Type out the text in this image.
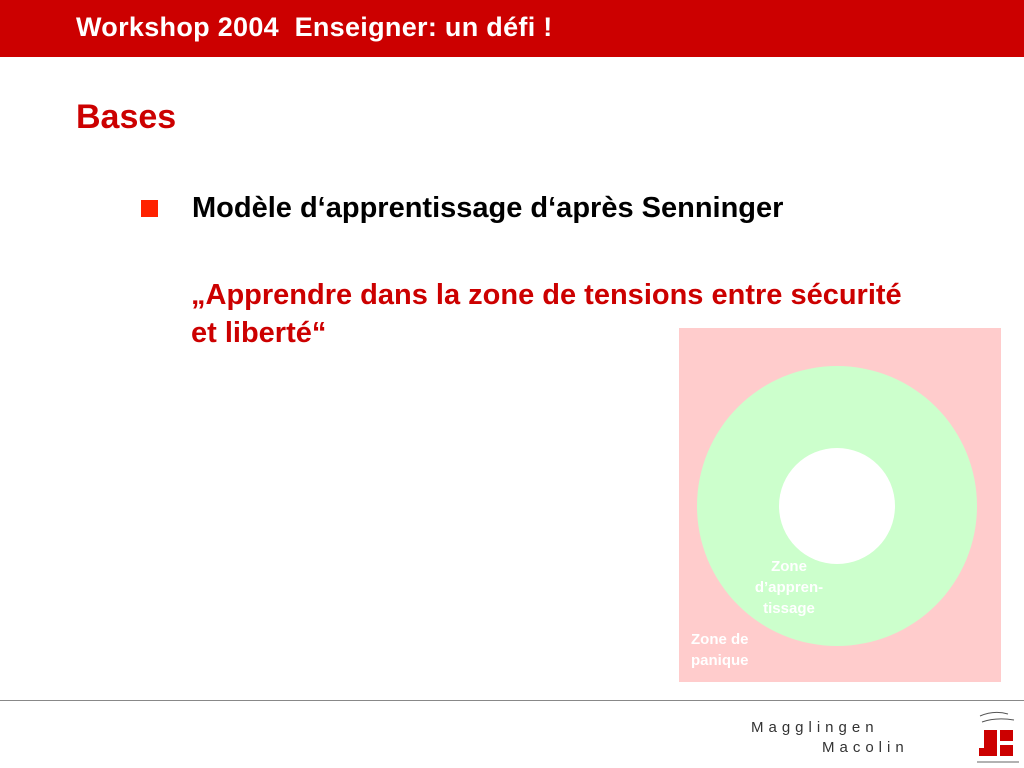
Workshop 2004  Enseigner: un défi !
Bases
Modèle d‘apprentissage d‘après Senninger
„Apprendre dans la zone de tensions entre sécurité et liberté“
Zone
de confort
Zone
d’appren-
tissage
Zone de
panique
Magglingen
Macolin
